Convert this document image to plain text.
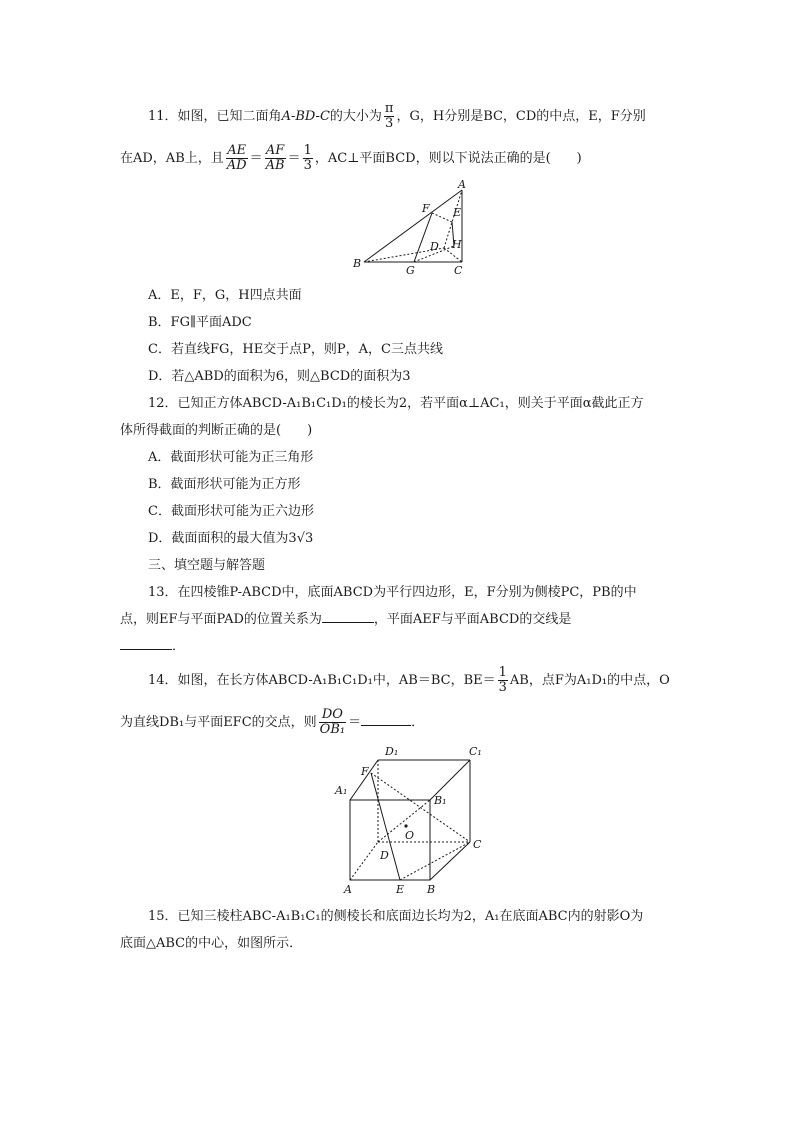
11．如图，已知二面角A-BD-C的大小为 $\frac{\pi}{3}$ ，G，H分别是BC，CD的中点，E，F分别
在AD，AB上，且 $\frac{AE}{AD} = \frac{AF}{AB} = \frac{1}{3}$ ，AC⊥平面BCD，则以下说法正确的是(　　)
A
F E
D H
B
G	C
A．E，F，G，H四点共面
B．FG∥平面ADC
C．若直线FG，HE交于点P，则P，A，C三点共线
D．若△ABD的面积为6，则△BCD的面积为3
12．已知正方体ABCD-A₁B₁C₁D₁的棱长为2，若平面α⊥AC₁，则关于平面α截此正方
体所得截面的判断正确的是(　　)
A．截面形状可能为正三角形
B．截面形状可能为正方形
C．截面形状可能为正六边形
D．截面面积的最大值为3√3
三、填空题与解答题
13．在四棱锥P-ABCD中，底面ABCD为平行四边形，E，F分别为侧棱PC，PB的中
点，则EF与平面PAD的位置关系为	，平面AEF与平面ABCD的交线是
．
14．如图，在长方体ABCD-A₁B₁C₁D₁中，AB＝BC，$BE= \frac{1}{3}$ AB，点F为A₁D₁的中点，O
为直线DB₁与平面EFC的交点，则 $\frac{DO}{\text{OB₁}}$ ＝	．
D₁	C₁
F
A₁
B₁
O
D
C
A	E B
15．已知三棱柱ABC-A₁B₁C₁的侧棱长和底面边长均为2，A₁在底面ABC内的射影O为
底面△ABC的中心，如图所示．
